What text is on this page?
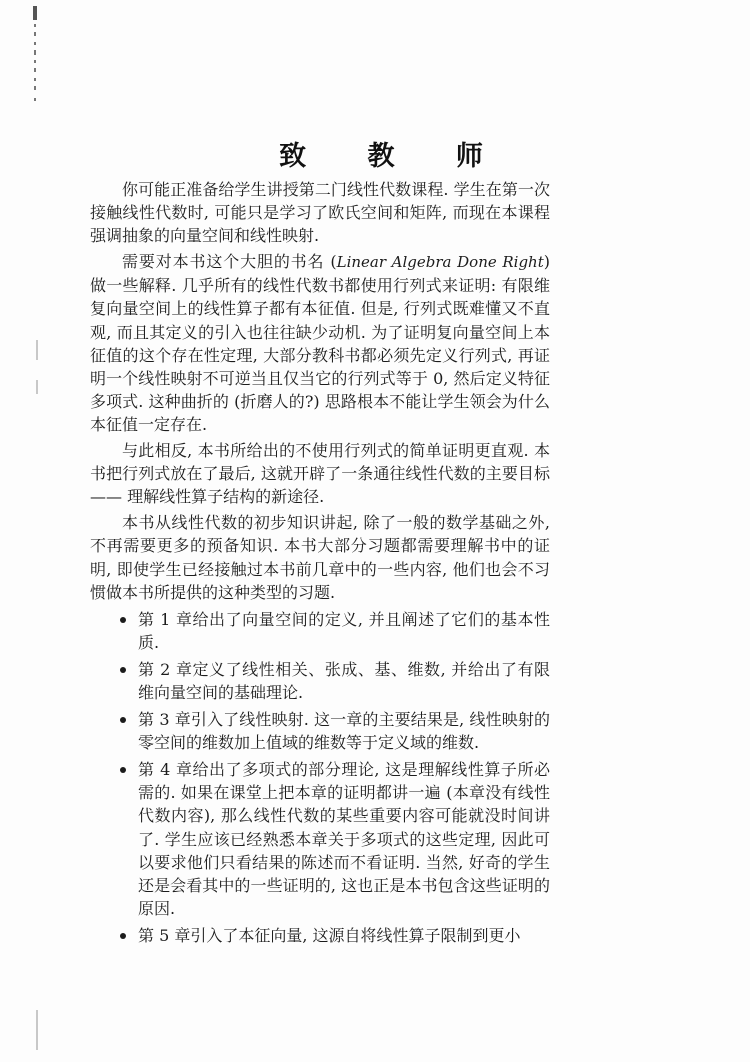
致 教 师

你可能正准备给学生讲授第二门线性代数课程. 学生在第一次接触线性代数时, 可能只是学习了欧氏空间和矩阵, 而现在本课程强调抽象的向量空间和线性映射.

需要对本书这个大胆的书名 (Linear Algebra Done Right) 做一些解释. 几乎所有的线性代数书都使用行列式来证明: 有限维复向量空间上的线性算子都有本征值. 但是, 行列式既难懂又不直观, 而且其定义的引入也往往缺少动机. 为了证明复向量空间上本征值的这个存在性定理, 大部分教科书都必须先定义行列式, 再证明一个线性映射不可逆当且仅当它的行列式等于 0, 然后定义特征多项式. 这种曲折的 (折磨人的?) 思路根本不能让学生领会为什么本征值一定存在.

与此相反, 本书所给出的不使用行列式的简单证明更直观. 本书把行列式放在了最后, 这就开辟了一条通往线性代数的主要目标 —— 理解线性算子结构的新途径.

本书从线性代数的初步知识讲起, 除了一般的数学基础之外, 不再需要更多的预备知识. 本书大部分习题都需要理解书中的证明, 即使学生已经接触过本书前几章中的一些内容, 他们也会不习惯做本书所提供的这种类型的习题.

第 1 章给出了向量空间的定义, 并且阐述了它们的基本性质.
第 2 章定义了线性相关、张成、基、维数, 并给出了有限维向量空间的基础理论.
第 3 章引入了线性映射. 这一章的主要结果是, 线性映射的零空间的维数加上值域的维数等于定义域的维数.
第 4 章给出了多项式的部分理论, 这是理解线性算子所必需的. 如果在课堂上把本章的证明都讲一遍 (本章没有线性代数内容), 那么线性代数的某些重要内容可能就没时间讲了. 学生应该已经熟悉本章关于多项式的这些定理, 因此可以要求他们只看结果的陈述而不看证明. 当然, 好奇的学生还是会看其中的一些证明的, 这也正是本书包含这些证明的原因.
第 5 章引入了本征向量, 这源自将线性算子限制到更小
